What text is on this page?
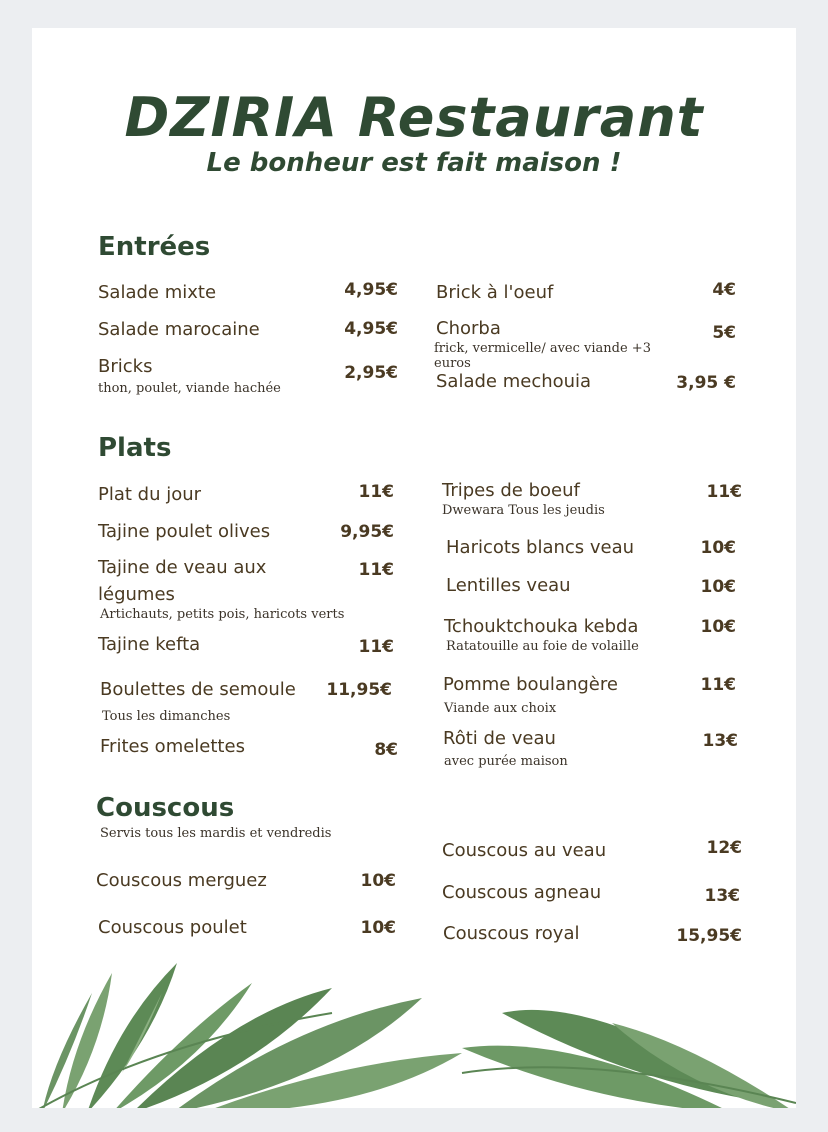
DZIRIA Restaurant
Le bonheur est fait maison !
Entrées
Salade mixte	4,95€
Salade marocaine	4,95€
Bricks	2,95€
thon, poulet, viande hachée
Brick à l'oeuf	4€
Chorba	5€
frick, vermicelle/ avec viande +3 euros
Salade mechouia	3,95 €
Plats
Plat du jour	11€
Tajine poulet olives	9,95€
Tajine de veau aux légumes
11€
Artichauts, petits pois, haricots verts
Tajine kefta	11€
Boulettes de semoule	11,95€
Tous les dimanches
Frites omelettes	8€
Tripes de boeuf	11€
Dwewara Tous les jeudis
Haricots blancs veau	10€
Lentilles veau	10€
Tchouktchouka kebda	10€
Ratatouille au foie de volaille
Pomme boulangère	11€
Viande aux choix
Rôti de veau	13€
avec purée maison
Couscous
Servis tous les mardis et vendredis
Couscous merguez	10€
Couscous poulet	10€
Couscous au veau	12€
Couscous agneau	13€
Couscous royal	15,95€
